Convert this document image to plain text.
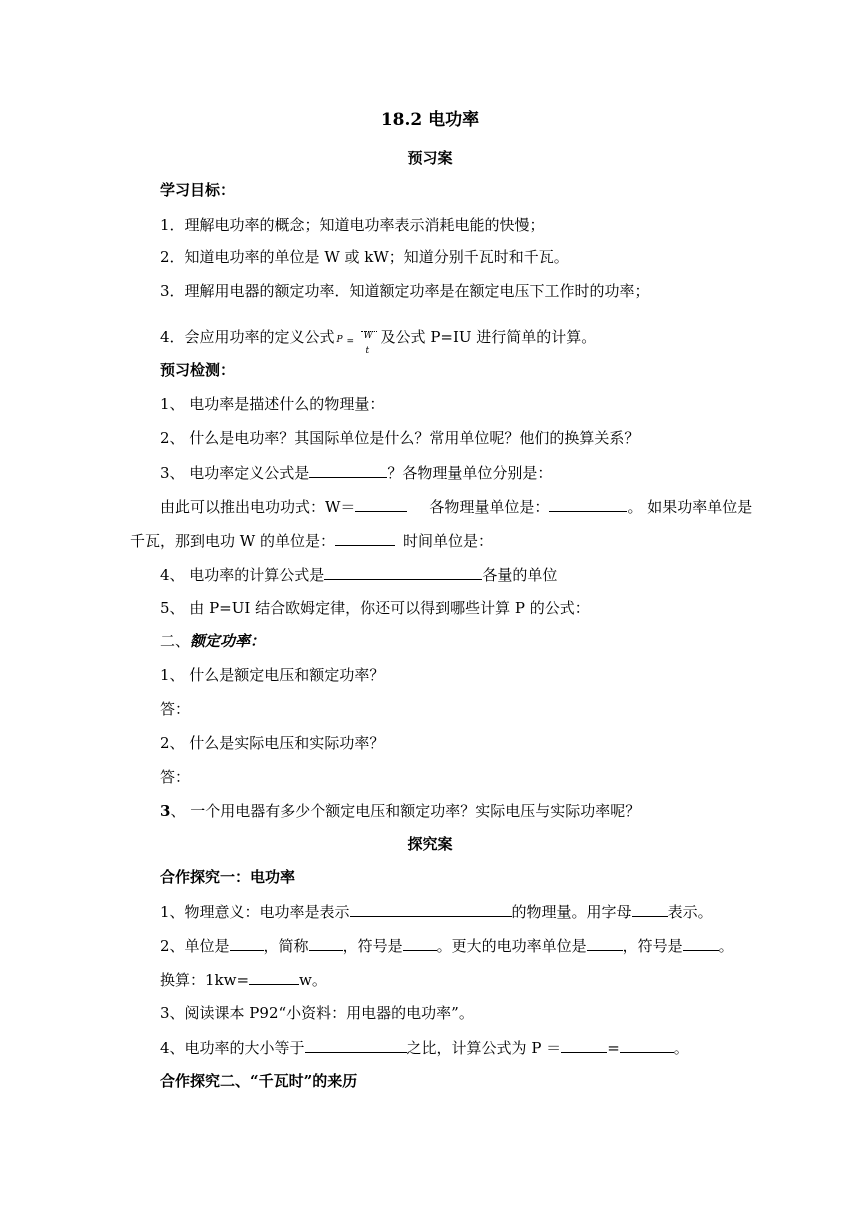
18.2 电功率
预习案
学习目标：
1．理解电功率的概念；知道电功率表示消耗电能的快慢；
2．知道电功率的单位是 W 或 kW；知道分别千瓦时和千瓦。
3．理解用电器的额定功率．知道额定功率是在额定电压下工作时的功率；
4．会应用功率的定义公式 P =
W
t
及公式 P=IU 进行简单的计算。
预习检测：
1、 电功率是描述什么的物理量：
2、 什么是电功率？其国际单位是什么？常用单位呢？他们的换算关系？
3、 电功率定义公式是	？各物理量单位分别是：
由此可以推出电功功式：W＝	各物理量单位是：	。 如果功率单位是
千瓦，那到电功 W 的单位是：	时间单位是：
4、 电功率的计算公式是	各量的单位
5、 由 P=UI 结合欧姆定律，你还可以得到哪些计算 P 的公式：
二、额定功率：
1、 什么是额定电压和额定功率？
答：
2、 什么是实际电压和实际功率？
答：
3、 一个用电器有多少个额定电压和额定功率？实际电压与实际功率呢？
探究案
合作探究一：电功率
1、物理意义：电功率是表示	的物理量。用字母 表示。
2、单位是 ，简称 ，符号是 。更大的电功率单位是 ，符号是 。
换算：1kw=	w。
3、阅读课本 P92“小资料：用电器的电功率”。
4、电功率的大小等于	之比，计算公式为 P ＝	=	。
合作探究二、“千瓦时”的来历
